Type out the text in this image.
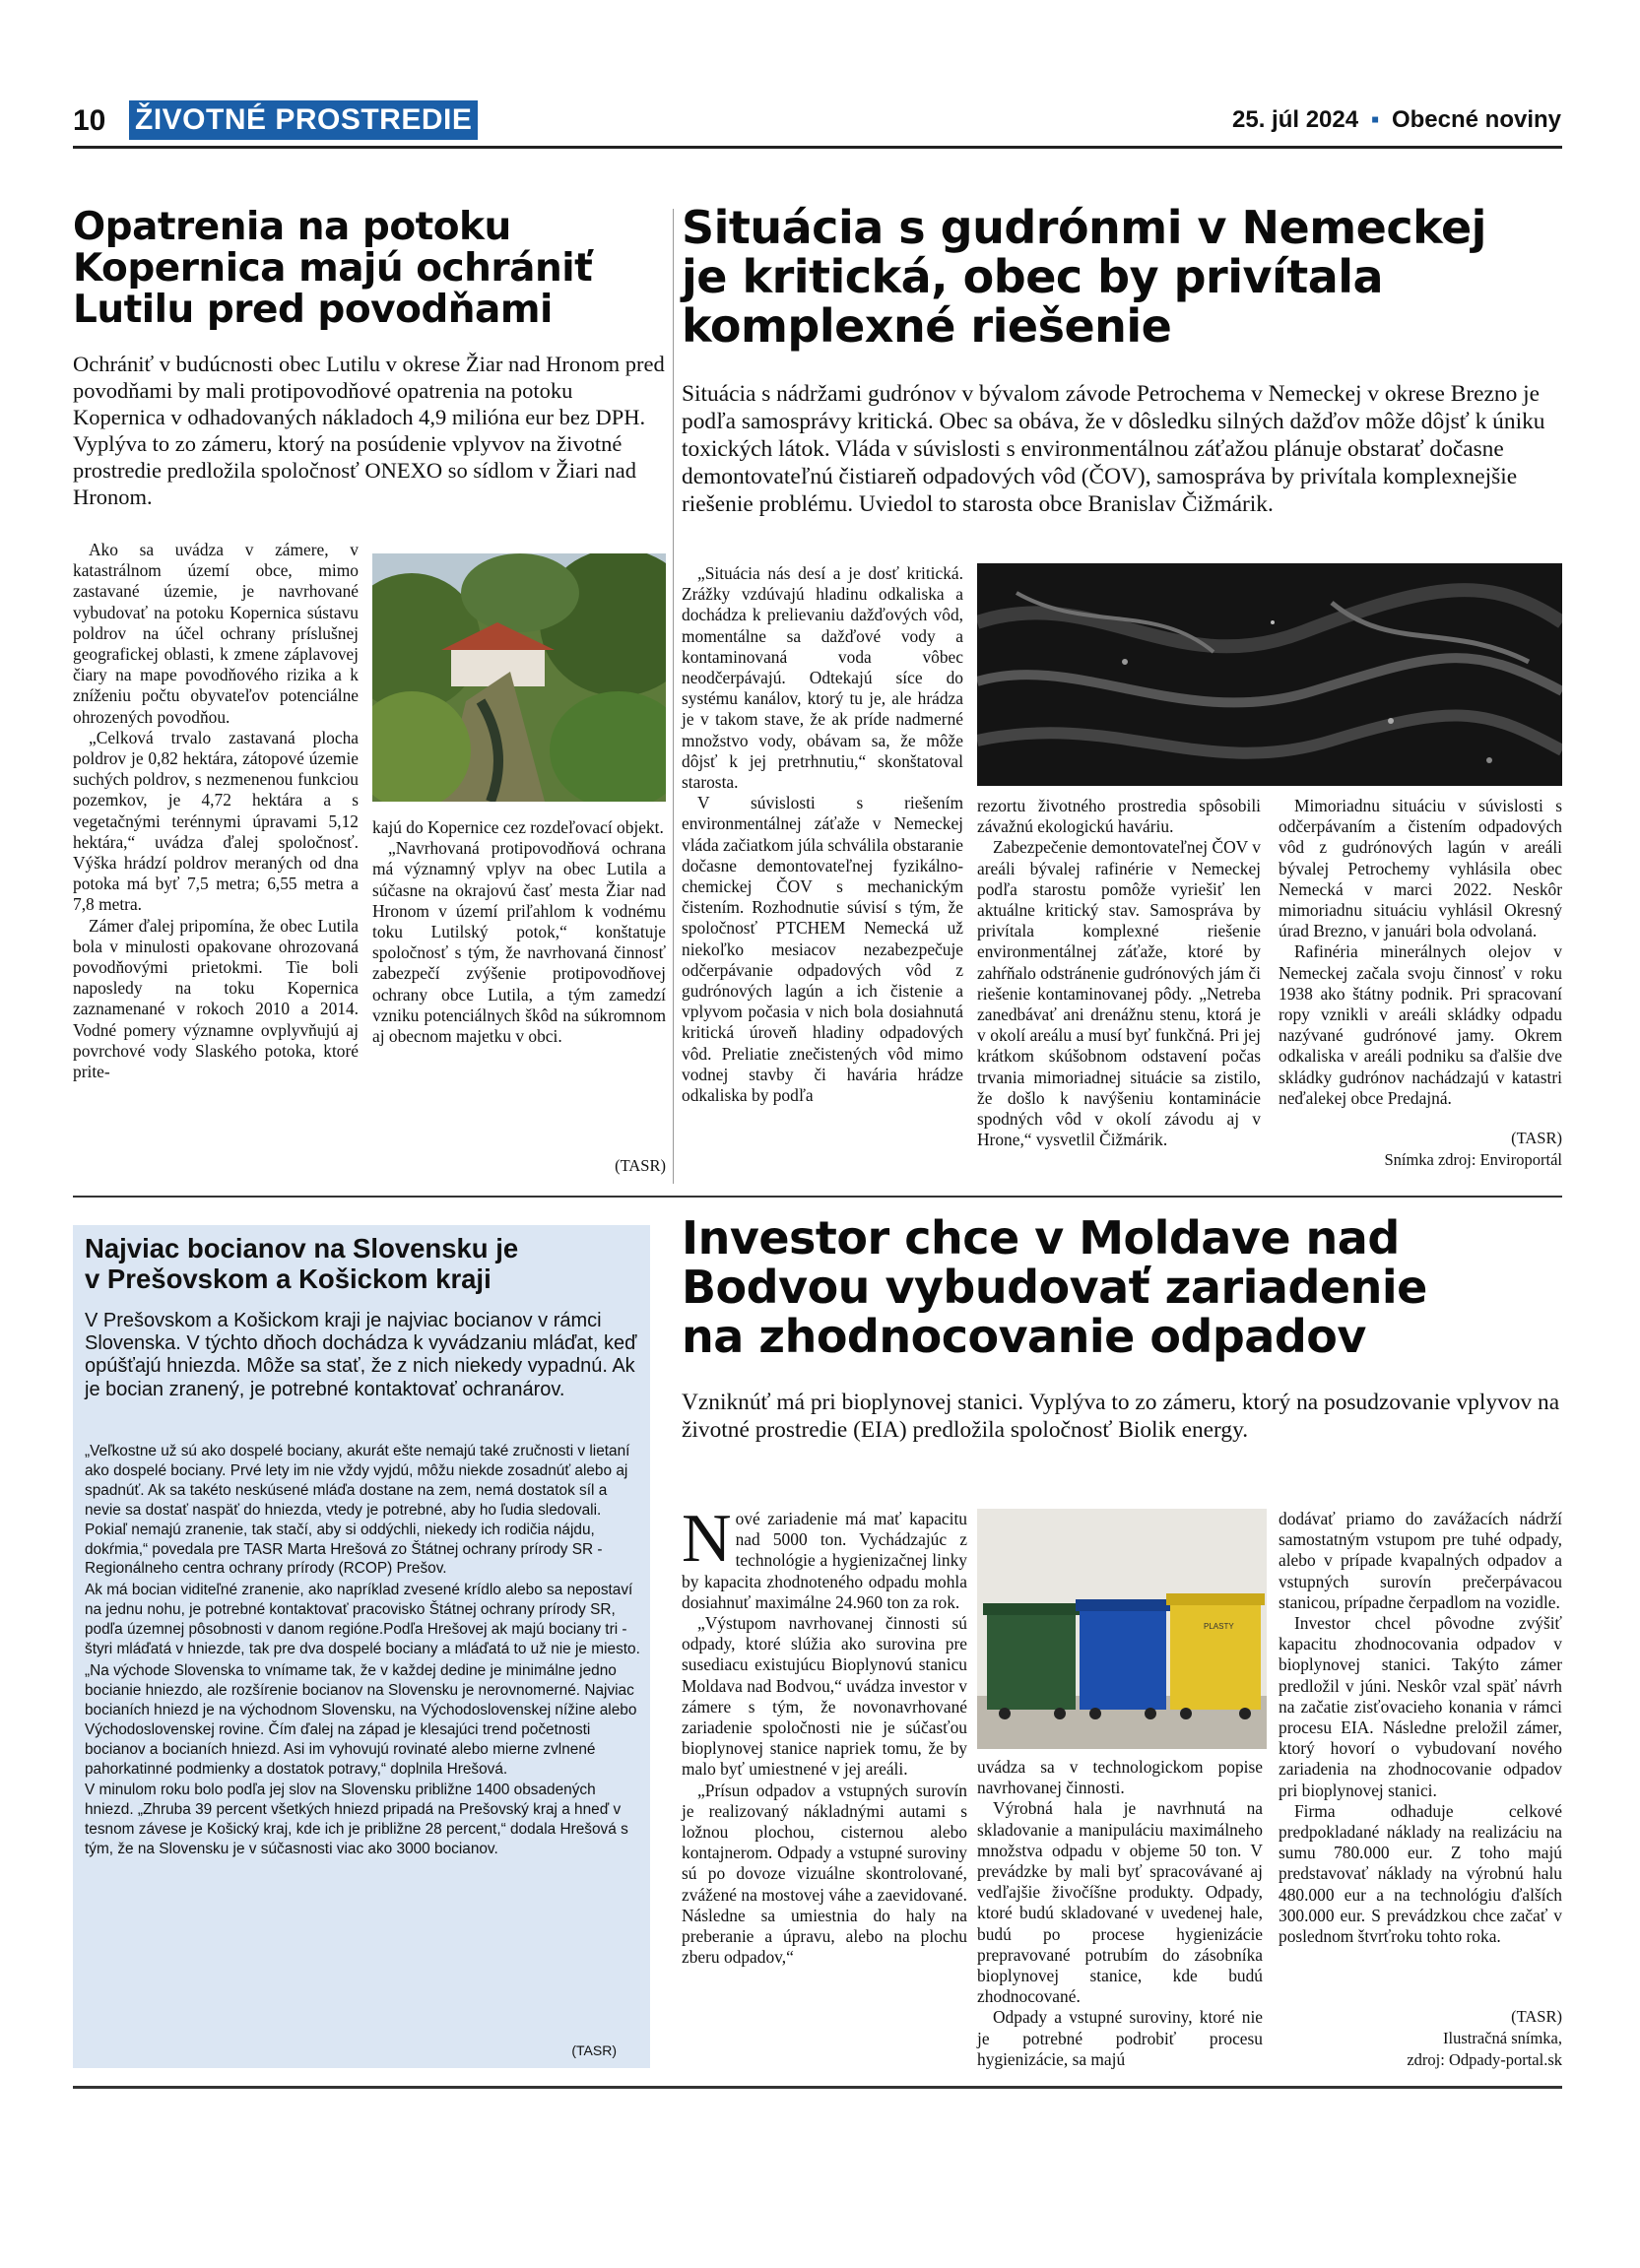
10 ŽIVOTNÉ PROSTREDIE	25. júl 2024 ▪ Obecné noviny
Opatrenia na potoku
Kopernica majú ochrániť
Lutilu pred povodňami
Ochrániť v budúcnosti obec Lutilu v okrese Žiar nad Hronom pred povodňami by mali protipovodňové opatrenia na potoku Kopernica v odhadovaných nákladoch 4,9 milióna eur bez DPH. Vyplýva to zo zámeru, ktorý na posúdenie vplyvov na životné prostredie predložila spoločnosť ONEXO so sídlom v Žiari nad Hronom.

Ako sa uvádza v zámere, v katastrálnom území obce, mimo zastavané územie, je navrhované vybudovať na potoku Kopernica sústavu poldrov na účel ochrany príslušnej geografickej oblasti, k zmene záplavovej čiary na mape povodňového rizika a k zníženiu počtu obyvateľov potenciálne ohrozených povodňou.

„Celková trvalo zastavaná plocha poldrov je 0,82 hektára, zátopové územie suchých poldrov, s nezmenenou funkciou pozemkov, je 4,72 hektára a s vegetačnými terénnymi úpravami 5,12 hektára,“ uvádza ďalej spoločnosť. Výška hrádzí poldrov meraných od dna potoka má byť 7,5 metra; 6,55 metra a 7,8 metra.

Zámer ďalej pripomína, že obec Lutila bola v minulosti opakovane ohrozovaná povodňovými prietokmi. Tie boli naposledy na toku Kopernica zaznamenané v rokoch 2010 a 2014. Vodné pomery významne ovplyvňujú aj povrchové vody Slaského potoka, ktoré prite-

kajú do Kopernice cez rozdeľovací objekt.

„Navrhovaná protipovodňová ochrana má významný vplyv na obec Lutila a súčasne na okrajovú časť mesta Žiar nad Hronom v území priľahlom k vodnému toku Lutilský potok,“ konštatuje spoločnosť s tým, že navrhovaná činnosť zabezpečí zvýšenie protipovodňovej ochrany obce Lutila, a tým zamedzí vzniku potenciálnych škôd na súkromnom aj obecnom majetku v obci.

(TASR)
Situácia s gudrónmi v Nemeckej
je kritická, obec by privítala
komplexné riešenie
Situácia s nádržami gudrónov v bývalom závode Petrochema v Nemeckej v okrese Brezno je podľa samosprávy kritická. Obec sa obáva, že v dôsledku silných dažďov môže dôjsť k úniku toxických látok. Vláda v súvislosti s environmentálnou záťažou plánuje obstarať dočasne demontovateľnú čistiareň odpadových vôd (ČOV), samospráva by privítala komplexnejšie riešenie problému. Uviedol to starosta obce Branislav Čižmárik.

„Situácia nás desí a je dosť kritická. Zrážky vzdúvajú hladinu odkaliska a dochádza k prelievaniu dažďových vôd, momentálne sa dažďové vody a kontaminovaná voda vôbec neodčerpávajú. Odtekajú síce do systému kanálov, ktorý tu je, ale hrádza je v takom stave, že ak príde nadmerné množstvo vody, obávam sa, že môže dôjsť k jej pretrhnutiu,“ skonštatoval starosta.

V súvislosti s riešením environmentálnej záťaže v Nemeckej vláda začiatkom júla schválila obstaranie dočasne demontovateľnej fyzikálno-chemickej ČOV s mechanickým čistením. Rozhodnutie súvisí s tým, že spoločnosť PTCHEM Nemecká už niekoľko mesiacov nezabezpečuje odčerpávanie odpadových vôd z gudrónových lagún a ich čistenie a vplyvom počasia v nich bola dosiahnutá kritická úroveň hladiny odpadových vôd. Preliatie znečistených vôd mimo vodnej stavby či havária hrádze odkaliska by podľa

rezortu životného prostredia spôsobili závažnú ekologickú haváriu.

Zabezpečenie demontovateľnej ČOV v areáli bývalej rafinérie v Nemeckej podľa starostu pomôže vyriešiť len aktuálne kritický stav. Samospráva by privítala komplexné riešenie environmentálnej záťaže, ktoré by zahŕňalo odstránenie gudrónových jám či riešenie kontaminovanej pôdy. „Netreba zanedbávať ani drenážnu stenu, ktorá je v okolí areálu a musí byť funkčná. Pri jej krátkom skúšobnom odstavení počas trvania mimoriadnej situácie sa zistilo, že došlo k navýšeniu kontaminácie spodných vôd v okolí závodu aj v Hrone,“ vysvetlil Čižmárik.

Mimoriadnu situáciu v súvislosti s odčerpávaním a čistením odpadových vôd z gudrónových lagún v areáli bývalej Petrochemy vyhlásila obec Nemecká v marci 2022. Neskôr mimoriadnu situáciu vyhlásil Okresný úrad Brezno, v januári bola odvolaná.

Rafinéria minerálnych olejov v Nemeckej začala svoju činnosť v roku 1938 ako štátny podnik. Pri spracovaní ropy vznikli v areáli skládky odpadu nazývané gudrónové jamy. Okrem odkaliska v areáli podniku sa ďalšie dve skládky gudrónov nachádzajú v katastri neďalekej obce Predajná.

(TASR)
Snímka zdroj: Enviroportál
Najviac bocianov na Slovensku je
v Prešovskom a Košickom kraji
V Prešovskom a Košickom kraji je najviac bocianov v rámci Slovenska. V týchto dňoch dochádza k vyvádzaniu mláďat, keď opúšťajú hniezda. Môže sa stať, že z nich niekedy vypadnú. Ak je bocian zranený, je potrebné kontaktovať ochranárov.
„Veľkostne už sú ako dospelé bociany, akurát ešte nemajú také zručnosti v lietaní ako dospelé bociany. Prvé lety im nie vždy vyjdú, môžu niekde zosadnúť alebo aj spadnúť. Ak sa takéto neskúsené mláďa dostane na zem, nemá dostatok síl a nevie sa dostať naspäť do hniezda, vtedy je potrebné, aby ho ľudia sledovali. Pokiaľ nemajú zranenie, tak stačí, aby si oddýchli, niekedy ich rodičia nájdu, dokŕmia,“ povedala pre TASR Marta Hrešová zo Štátnej ochrany prírody SR - Regionálneho centra ochrany prírody (RCOP) Prešov.
Ak má bocian viditeľné zranenie, ako napríklad zvesené krídlo alebo sa nepostaví na jednu nohu, je potrebné kontaktovať pracovisko Štátnej ochrany prírody SR, podľa územnej pôsobnosti v danom regióne.Podľa Hrešovej ak majú bociany tri - štyri mláďatá v hniezde, tak pre dva dospelé bociany a mláďatá to už nie je miesto.
„Na východe Slovenska to vnímame tak, že v každej dedine je minimálne jedno bocianie hniezdo, ale rozšírenie bocianov na Slovensku je nerovnomerné. Najviac bocianích hniezd je na východnom Slovensku, na Východoslovenskej nížine alebo Východoslovenskej rovine. Čím ďalej na západ je klesajúci trend početnosti bocianov a bocianích hniezd. Asi im vyhovujú rovinaté alebo mierne zvlnené pahorkatinné podmienky a dostatok potravy,“ doplnila Hrešová.
V minulom roku bolo podľa jej slov na Slovensku približne 1400 obsadených hniezd. „Zhruba 39 percent všetkých hniezd pripadá na Prešovský kraj a hneď v tesnom závese je Košický kraj, kde ich je približne 28 percent,“ dodala Hrešová s tým, že na Slovensku je v súčasnosti viac ako 3000 bocianov.
(TASR)
Investor chce v Moldave nad
Bodvou vybudovať zariadenie
na zhodnocovanie odpadov
Vzniknúť má pri bioplynovej stanici. Vyplýva to zo zámeru, ktorý na posudzovanie vplyvov na životné prostredie (EIA) predložila spoločnosť Biolik energy.

N ové zariadenie má mať kapacitu nad 5000 ton. Vychádzajúc z technológie a hygienizačnej linky by kapacita zhodnoteného odpadu mohla dosiahnuť maximálne 24.960 ton za rok.

„Výstupom navrhovanej činnosti sú odpady, ktoré slúžia ako surovina pre susediacu existujúcu Bioplynovú stanicu Moldava nad Bodvou,“ uvádza investor v zámere s tým, že novonavrhované zariadenie spoločnosti nie je súčasťou bioplynovej stanice napriek tomu, že by malo byť umiestnené v jej areáli.

„Prísun odpadov a vstupných surovín je realizovaný nákladnými autami s ložnou plochou, cisternou alebo kontajnerom. Odpady a vstupné suroviny sú po dovoze vizuálne skontrolované, zvážené na mostovej váhe a zaevidované. Následne sa umiestnia do haly na preberanie a úpravu, alebo na plochu zberu odpadov,“

PLASTY

uvádza sa v technologickom popise navrhovanej činnosti.

Výrobná hala je navrhnutá na skladovanie a manipuláciu maximálneho množstva odpadu v objeme 50 ton. V prevádzke by mali byť spracovávané aj vedľajšie živočíšne produkty. Odpady, ktoré budú skladované v uvedenej hale, budú po procese hygienizácie prepravované potrubím do zásobníka bioplynovej stanice, kde budú zhodnocované.

Odpady a vstupné suroviny, ktoré nie je potrebné podrobiť procesu hygienizácie, sa majú

dodávať priamo do zavážacích nádrží samostatným vstupom pre tuhé odpady, alebo v prípade kvapalných odpadov a vstupných surovín prečerpávacou stanicou, prípadne čerpadlom na vozidle.

Investor chcel pôvodne zvýšiť kapacitu zhodnocovania odpadov v bioplynovej stanici. Takýto zámer predložil v júni. Neskôr vzal späť návrh na začatie zisťovacieho konania v rámci procesu EIA. Následne preložil zámer, ktorý hovorí o vybudovaní nového zariadenia na zhodnocovanie odpadov pri bioplynovej stanici.

Firma odhaduje celkové predpokladané náklady na realizáciu na sumu 780.000 eur. Z toho majú predstavovať náklady na výrobnú halu 480.000 eur a na technológiu ďalších 300.000 eur. S prevádzkou chce začať v poslednom štvrťroku tohto roka.

(TASR)
Ilustračná snímka,
zdroj: Odpady-portal.sk
